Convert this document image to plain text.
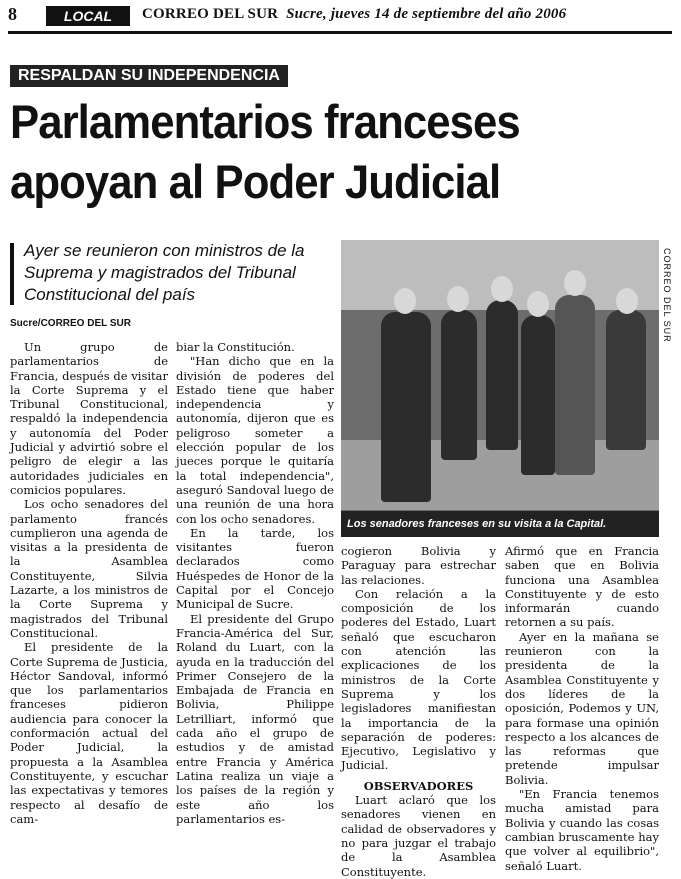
8	LOCAL	CORREO DEL SUR Sucre, jueves 14 de septiembre del año 2006
RESPALDAN SU INDEPENDENCIA
Parlamentarios franceses
apoyan al Poder Judicial
Ayer se reunieron con ministros de la Suprema y magistrados del Tribunal Constitucional del país
Sucre/CORREO DEL SUR	CORREO DEL SUR
Los senadores franceses en su visita a la Capital.

Un grupo de parlamentarios de Francia, después de visitar la Corte Suprema y el Tribunal Constitucional, respaldó la independencia y autonomía del Poder Judicial y advirtió sobre el peligro de elegir a las autoridades judiciales en comicios populares.

Los ocho senadores del parlamento francés cumplieron una agenda de visitas a la presidenta de la Asamblea Constituyente, Silvia Lazarte, a los ministros de la Corte Suprema y magistrados del Tribunal Constitucional.

El presidente de la Corte Suprema de Justicia, Héctor Sandoval, informó que los parlamentarios franceses pidieron audiencia para conocer la conformación actual del Poder Judicial, la propuesta a la Asamblea Constituyente, y escuchar las expectativas y temores respecto al desafío de cam-

biar la Constitución.

"Han dicho que en la división de poderes del Estado tiene que haber independencia y autonomía, dijeron que es peligroso someter a elección popular de los jueces porque le quitaría la total independencia", aseguró Sandoval luego de una reunión de una hora con los ocho senadores.

En la tarde, los visitantes fueron declarados como Huéspedes de Honor de la Capital por el Concejo Municipal de Sucre.

El presidente del Grupo Francia-América del Sur, Roland du Luart, con la ayuda en la traducción del Primer Consejero de la Embajada de Francia en Bolivia, Philippe Letrilliart, informó que cada año el grupo de estudios y de amistad entre Francia y América Latina realiza un viaje a los países de la región y este año los parlamentarios es-

cogieron Bolivia y Paraguay para estrechar las relaciones.

Con relación a la composición de los poderes del Estado, Luart señaló que escucharon con atención las explicaciones de los ministros de la Corte Suprema y los legisladores manifiestan la importancia de la separación de poderes: Ejecutivo, Legislativo y Judicial.

OBSERVADORES

Luart aclaró que los senadores vienen en calidad de observadores y no para juzgar el trabajo de la Asamblea Constituyente.

Afirmó que en Francia saben que en Bolivia funciona una Asamblea Constituyente y de esto informarán cuando retornen a su país.

Ayer en la mañana se reunieron con la presidenta de la Asamblea Constituyente y dos líderes de la oposición, Podemos y UN, para formase una opinión respecto a los alcances de las reformas que pretende impulsar Bolivia.

"En Francia tenemos mucha amistad para Bolivia y cuando las cosas cambian bruscamente hay que volver al equilibrio", señaló Luart.
